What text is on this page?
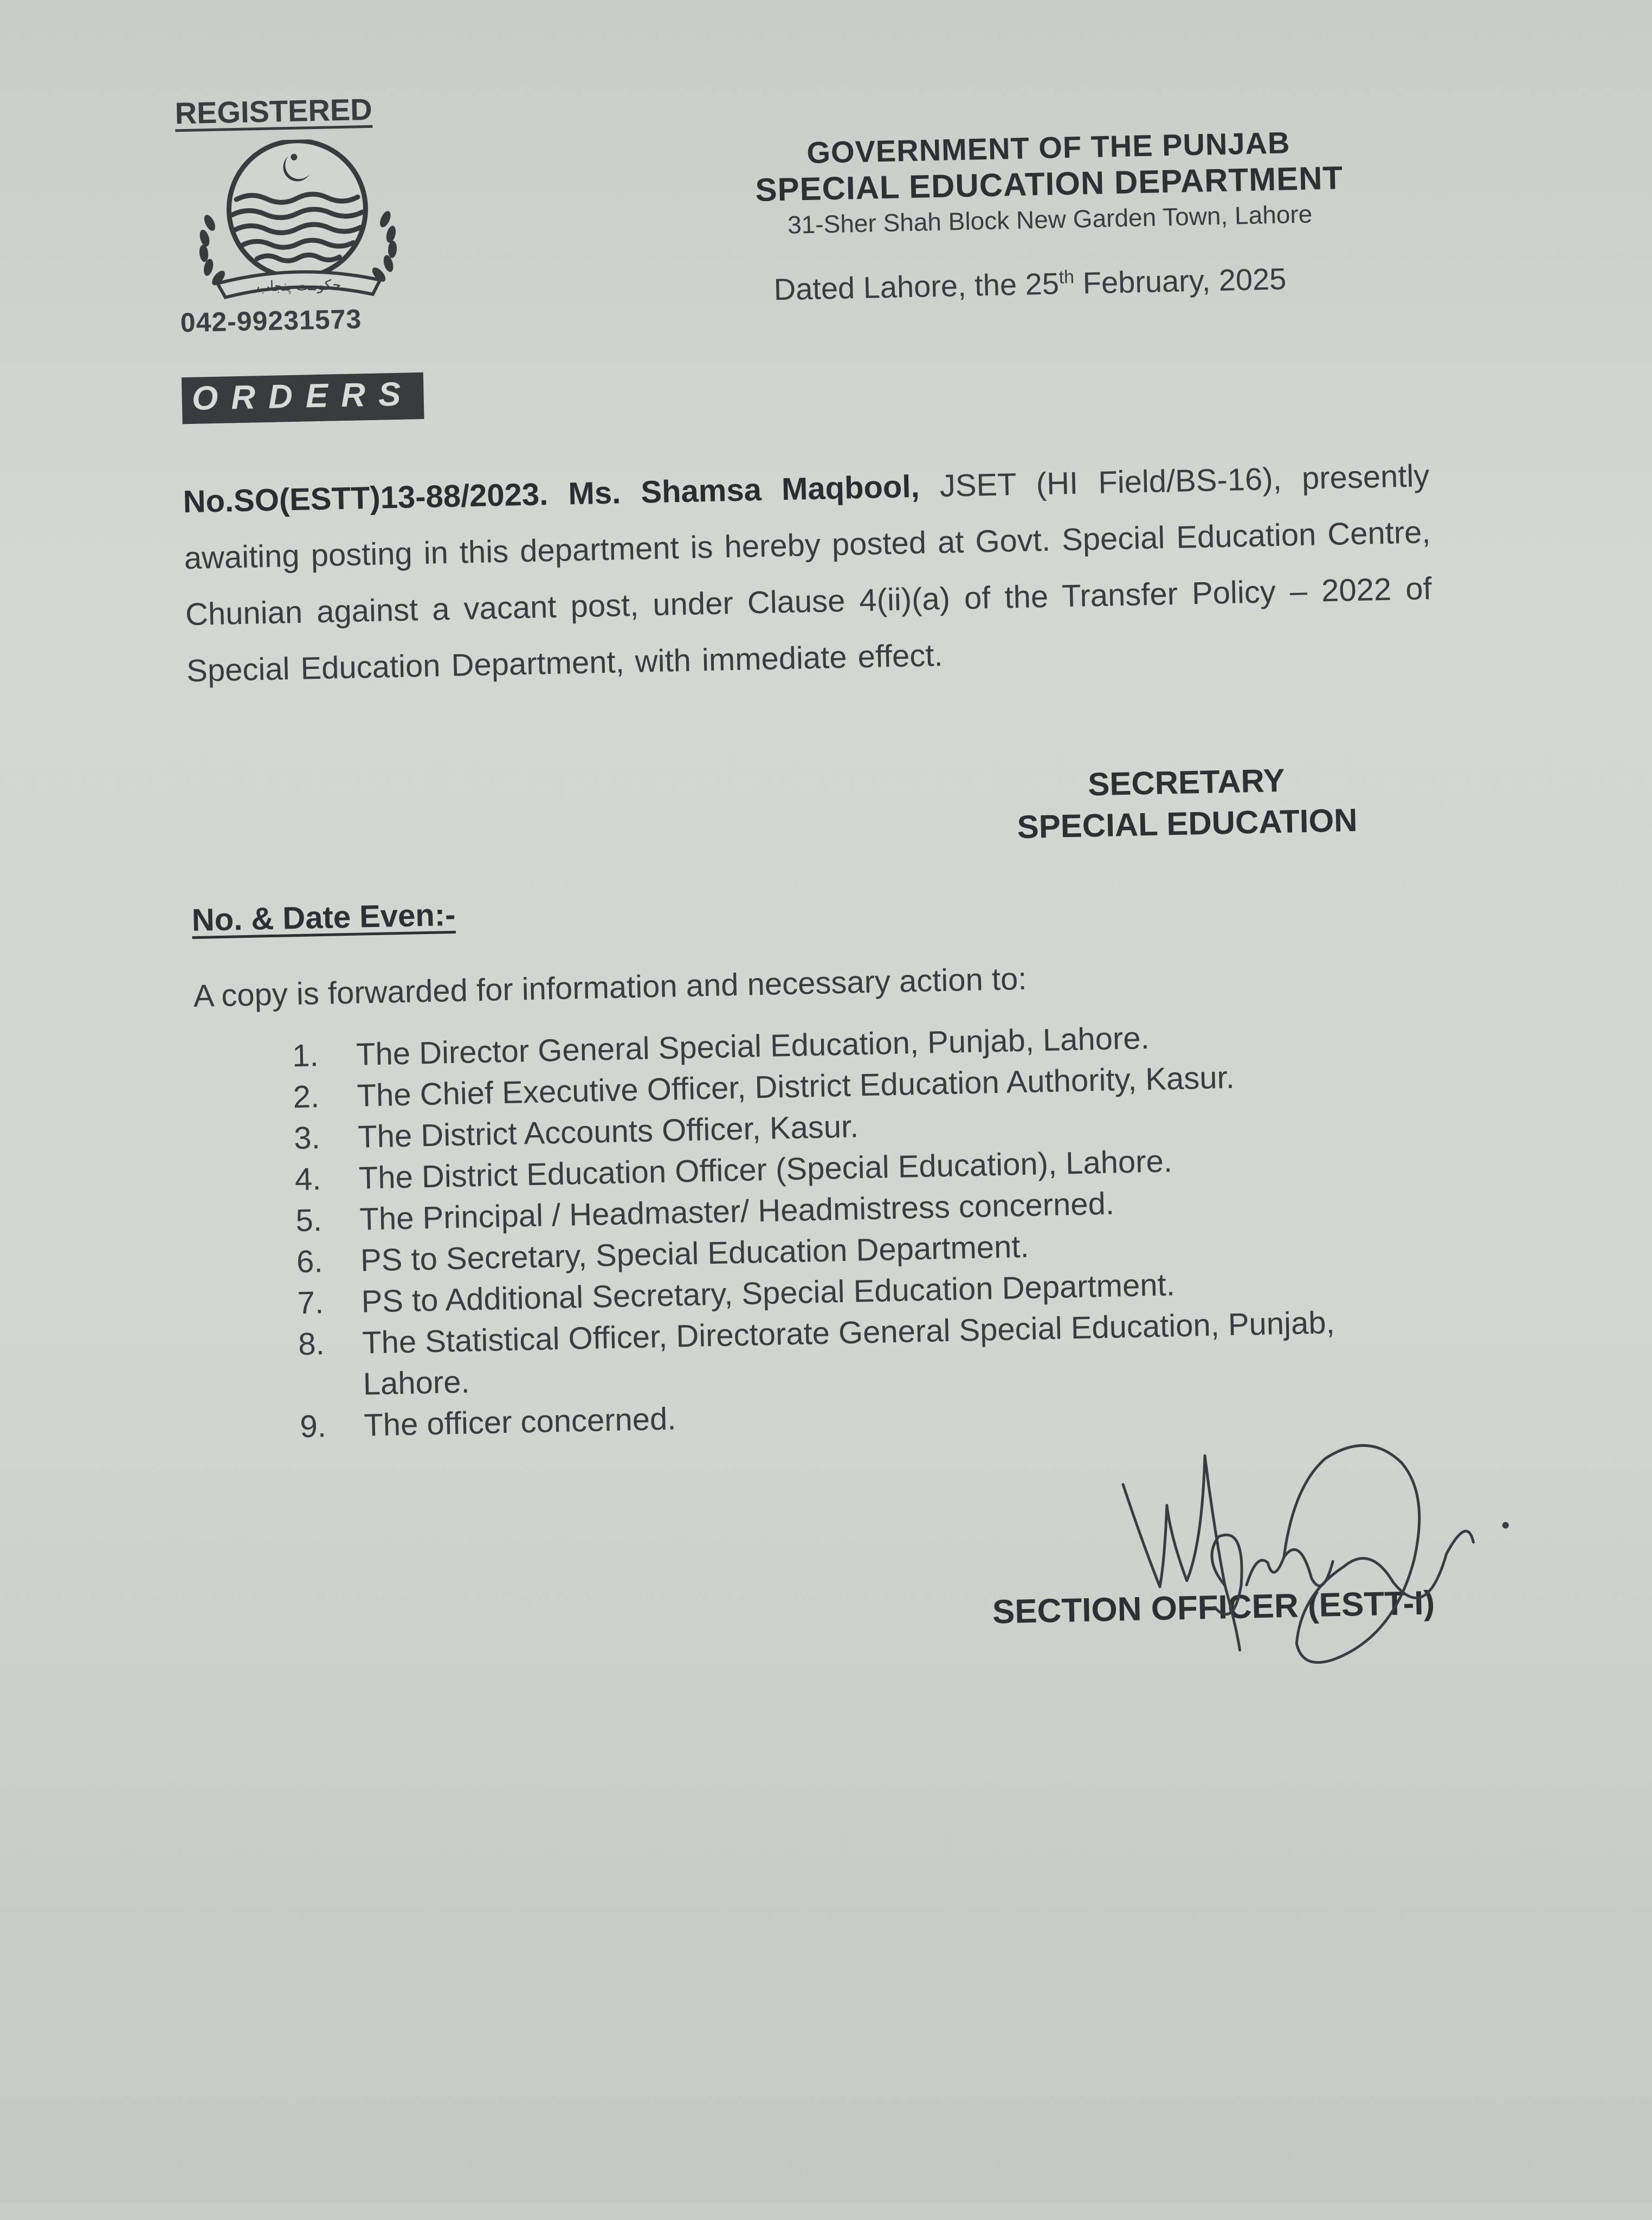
REGISTERED
حکومت پنجاب
042-99231573
ORDERS
GOVERNMENT OF THE PUNJAB
SPECIAL EDUCATION DEPARTMENT
31-Sher Shah Block New Garden Town, Lahore
Dated Lahore, the 25th February, 2025
No.SO(ESTT)13-88/2023. Ms. Shamsa Maqbool, JSET (HI Field/BS-16), presently awaiting posting in this department is hereby posted at Govt. Special Education Centre, Chunian against a vacant post, under Clause 4(ii)(a) of the Transfer Policy – 2022 of Special Education Department, with immediate effect.
SECRETARY
SPECIAL EDUCATION
No. & Date Even:-
A copy is forwarded for information and necessary action to:
1. The Director General Special Education, Punjab, Lahore.
2. The Chief Executive Officer, District Education Authority, Kasur.
3. The District Accounts Officer, Kasur.
4. The District Education Officer (Special Education), Lahore.
5. The Principal / Headmaster/ Headmistress concerned.
6. PS to Secretary, Special Education Department.
7. PS to Additional Secretary, Special Education Department.
8. The Statistical Officer, Directorate General Special Education, Punjab, Lahore.
9. The officer concerned.
SECTION OFFICER (ESTT-I)
